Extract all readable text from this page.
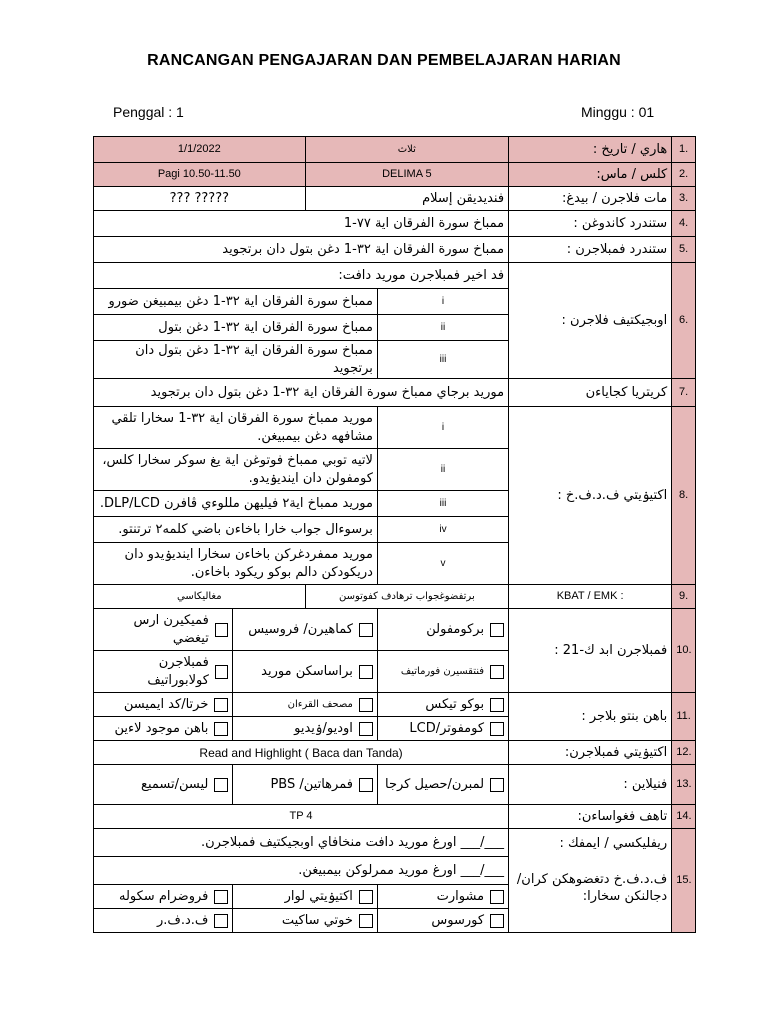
RANCANGAN PENGAJARAN DAN PEMBELAJARAN HARIAN
Penggal : 1	Minggu : 01
1/1/2022		ثلاث		هاري / تاريخ :	1.
Pagi 10.50-11.50		DELIMA 5		كلس / ماس:	2.
??? ?????		فنديديقن إسلام		مات فلاجرن / بيدغ:	3.
ممباخ سورة الفرقان اية ٧٧-1				ستندرد كاندوغن :	4.
ممباخ سورة الفرقان اية ٣٢-1 دغن بتول دان برتجويد				ستندرد فمبلاجرن :	5.
فد اخير فمبلاجرن موريد دافت:				اوبجيكتيف فلاجرن :	6.
ممباخ سورة الفرقان اية ٣٢-1 دغن بيمبيغن ضورو			i		
ممباخ سورة الفرقان اية ٣٢-1 دغن بتول			ii		
ممباخ سورة الفرقان اية ٣٢-1 دغن بتول دان برتجويد			iii		
موريد برجاي ممباخ سورة الفرقان اية ٣٢-1 دغن بتول دان برتجويد				كريتريا كجاياءن	7.
موريد ممباخ سورة الفرقان اية ٣٢-1 سخارا تلقي مشافهه دغن بيمبيغن.			i	اكتيۏيتي ف.د.ف.خ :	8.
لاتيه توبي ممباخ فوتوغن اية يغ سوكر سخارا كلس، كومفولن دان اينديۏيدو.			ii		
موريد ممباخ اية٢ فيليهن مللوءي ڤافرن DLP/LCD.			iii		
برسوءال جواب خارا باخاءن باضي كلمه٢ ترتنتو.			iv		
موريد ممفردغركن باخاءن سخارا اينديۏيدو دان دريكودكن دالم بوكو ريكود باخاءن.			v		
مغاليكاسي		برتفضوغجواب ترهادف كفوتوسن		KBAT / EMK :	9.

فميكيرن ارس تيغضي	كماهيرن/ فروسيس		بركومفولن	فمبلاجرن ابد ك-21 :	10.

فمبلاجرن كولابوراتيف	براساسكن موريد		فنتقسيرن فورماتيف		

خرتا/كد ايميسن	مصحف القرءان		بوكو تيكس	باهن بنتو بلاجر :	11.

باهن موجود لاءين	اوديو/ۏيديو		كومفوتر/LCD		

Read and Highlight ( Baca dan Tanda)				اكتيۏيتي فمبلاجرن:	12.

ليسن/تسميع	فمرهاتين/ PBS		لمبرن/حصيل كرجا	فنيلاين :	13.
TP 4				تاهف فغواساءن:	14.
___/___ اورغ موريد دافت منخافاي اوبجيكتيف فمبلاجرن.				ريفليكسي / ايمفك :
ف.د.ف.خ دتغضوهكن كران/دجالنكن سخارا:	15.
___/___ اورغ موريد ممرلوكن بيمبيغن.					

فروضرام سكوله	اكتيۏيتي لوار		مشوارت		

ف.د.ف.ر	خوتي ساكيت		كورسوس		
